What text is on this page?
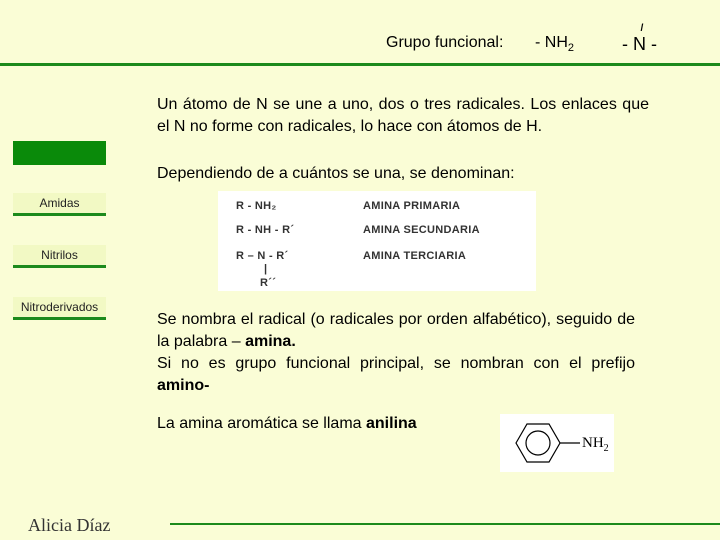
Grupo funcional: - $NH_2$
ı
- N -
Un átomo de N se une a uno, dos o tres radicales. Los enlaces que el N no forme con radicales, lo hace con átomos de H.
Dependiendo de a cuántos se una, se denominan:
Amidas
Nitrilos
Nitroderivados
R - NH₂	AMINA PRIMARIA
R - NH - R´	AMINA SECUNDARIA
R – N - R´	AMINA TERCIARIA
|
R´´
Se nombra el radical (o radicales por orden alfabético), seguido de la palabra – amina.
Si no es grupo funcional principal, se nombran con el prefijo amino-
La amina aromática se llama anilina
$NH_2$
Alicia Díaz
